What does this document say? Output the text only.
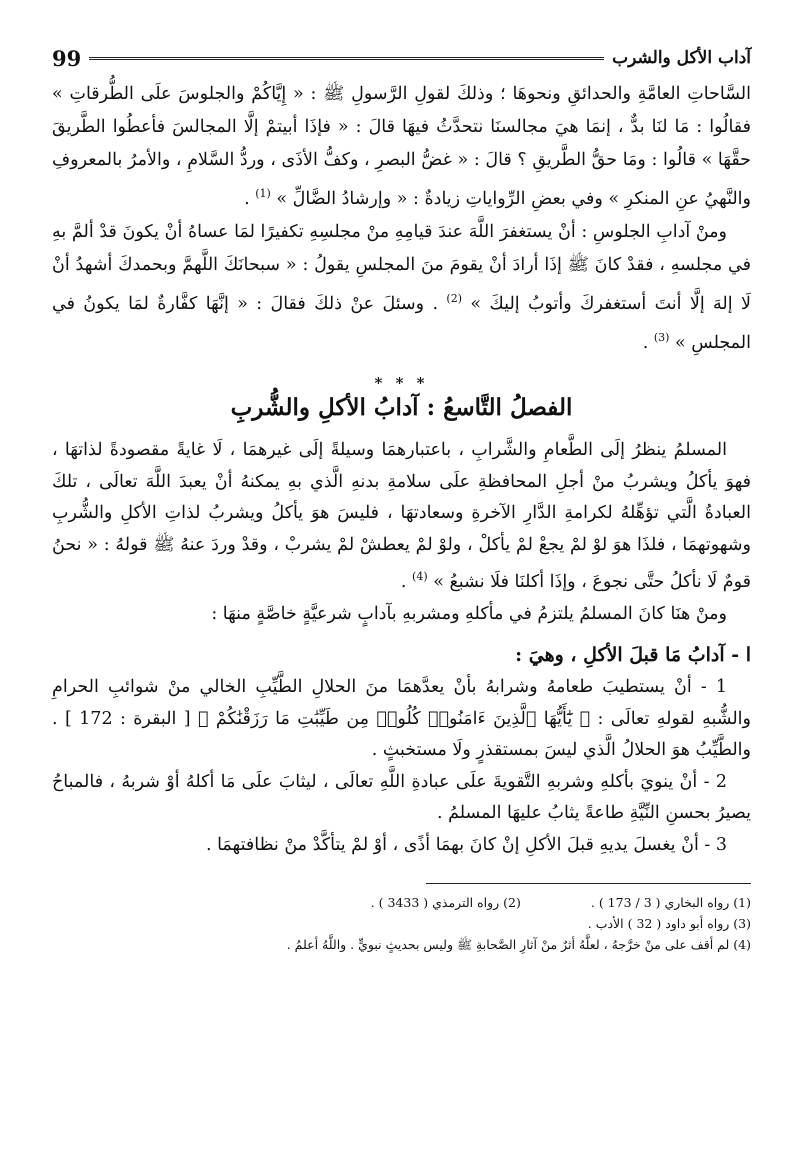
آداب الأكل والشرب
99

السَّاحاتِ العامَّةِ والحدائقِ ونحوهَا ؛ وذلكَ لقولِ الرَّسولِ ﷺ : « إِيَّاكُمْ والجلوسَ علَى الطُّرقاتِ » فقالُوا : مَا لنَا بدٌّ ، إنمَا هيَ مجالسنَا نتحدَّثُ فيهَا قالَ : « فإذَا أبيتمْ إلَّا المجالسَ فأعطُوا الطَّريقَ حقَّهَا » قالُوا : ومَا حقُّ الطَّريقِ ؟ قالَ : « غضُّ البصرِ ، وكفُّ الأذَى ، وردُّ السَّلامِ ، والأمرُ بالمعروفِ والنَّهيُ عنِ المنكرِ » وفي بعضِ الرِّواياتِ زيادةٌ : « وإرشادُ الضَّالِّ » $^{(1)}$ .

ومنْ آدابِ الجلوسِ : أنْ يستغفرَ اللَّهَ عندَ قيامِهِ منْ مجلسِهِ تكفيرًا لمَا عساهُ أنْ يكونَ قدْ ألمَّ بهِ في مجلسهِ ، فقدْ كانَ ﷺ إذَا أرادَ أنْ يقومَ منَ المجلسِ يقولُ : « سبحانَكَ اللَّهمَّ وبحمدكَ أشهدُ أنْ لَا إلهَ إلَّا أنتَ أستغفركَ وأتوبُ إليكَ » $^{(2)}$ . وسئلَ عنْ ذلكَ فقالَ : « إنَّهَا كفَّارةٌ لمَا يكونُ في المجلسِ » $^{(3)}$ .

* * *
الفصلُ التَّاسعُ : آدابُ الأكلِ والشُّربِ

المسلمُ ينظرُ إلَى الطَّعامِ والشَّرابِ ، باعتبارهمَا وسيلةً إلَى غيرهمَا ، لَا غايةً مقصودةً لذاتهَا ، فهوَ يأكلُ ويشربُ منْ أجلِ المحافظةِ علَى سلامةِ بدنهِ الَّذي بهِ يمكنهُ أنْ يعبدَ اللَّهَ تعالَى ، تلكَ العبادةُ الَّتي تؤهِّلهُ لكرامةِ الدَّارِ الآخرةِ وسعادتهَا ، فليسَ هوَ يأكلُ ويشربُ لذاتِ الأكلِ والشُّربِ وشهوتهمَا ، فلذَا هوَ لوْ لمْ يجعْ لمْ يأكلْ ، ولوْ لمْ يعطشْ لمْ يشربْ ، وقدْ وردَ عنهُ ﷺ قولهُ : « نحنُ قومٌ لَا نأكلُ حتَّى نجوعَ ، وإذَا أكلنَا فلَا نشبعُ » $^{(4)}$ .

ومنْ هنَا كانَ المسلمُ يلتزمُ في مأكلهِ ومشربهِ بآدابٍ شرعيَّةٍ خاصَّةٍ منهَا :

ا - آدابُ مَا قبلَ الأكلِ ، وهيَ :

1 - أنْ يستطيبَ طعامهُ وشرابهُ بأنْ يعدَّهمَا منَ الحلالِ الطَّيِّبِ الخالي منْ شوائبِ الحرامِ والشُّبهِ لقولهِ تعالَى : ﴿ يَٰٓأَيُّهَا ٱلَّذِينَ ءَامَنُوا۟ كُلُوا۟ مِن طَيِّبَٰتِ مَا رَزَقْنَٰكُمْ ﴾ [ البقرة : 172 ] . والطَّيِّبُ هوَ الحلالُ الَّذي ليسَ بمستقذرٍ ولَا مستخبثٍ .

2 - أنْ ينويَ بأكلهِ وشربهِ التَّقويةَ علَى عبادةِ اللَّهِ تعالَى ، ليثابَ علَى مَا أكلهُ أوْ شربهُ ، فالمباحُ يصيرُ بحسنِ النِّيَّةِ طاعةً يثابُ عليهَا المسلمُ .

3 - أنْ يغسلَ يديهِ قبلَ الأكلِ إنْ كانَ بهمَا أذًى ، أوْ لمْ يتأكَّدْ منْ نظافتهمَا .

(1) رواه البخاري ( 3 / 173 ) .
(2) رواه الترمذي ( 3433 ) .
(3) رواه أبو داود ( 32 ) الأدب .
(4) لم أقف على منْ خرَّجهُ ، لعلَّهُ أثرٌ منْ آثارِ الصَّحابةِ ﷺ وليس بحديثٍ نبويٍّ . واللَّهُ أعلمُ .
